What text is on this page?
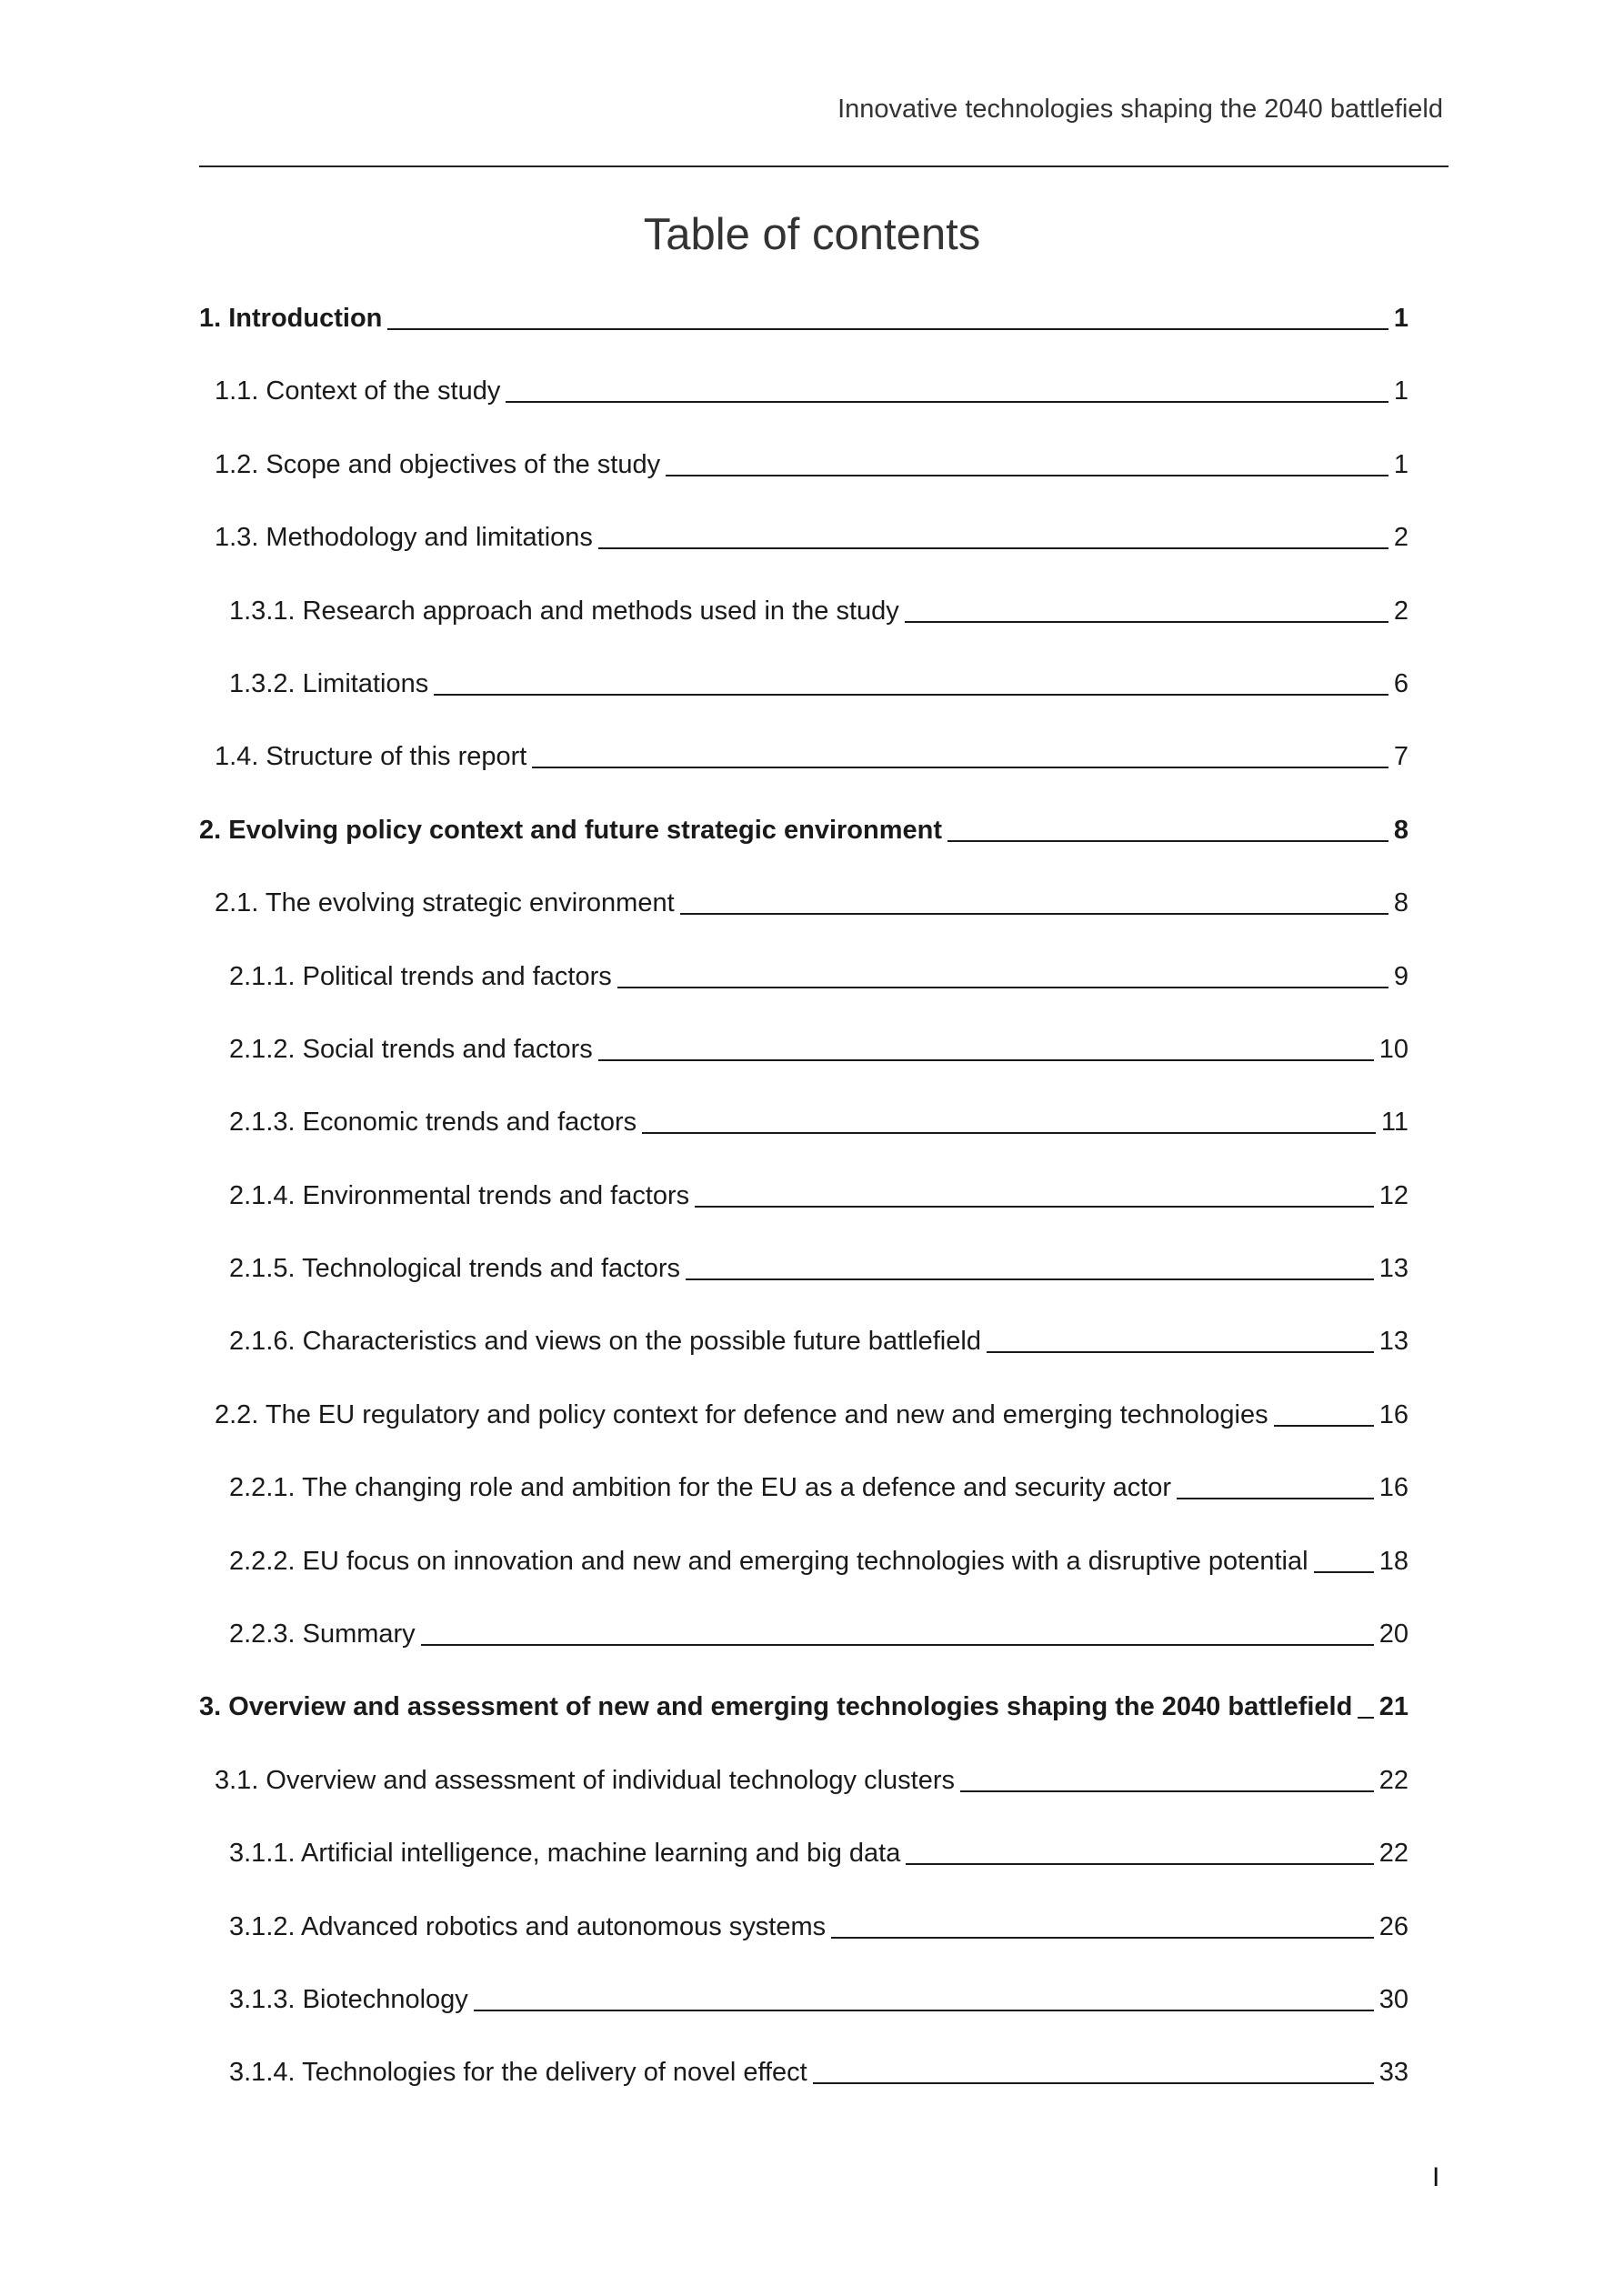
Innovative technologies shaping the 2040 battlefield
Table of contents
1. Introduction	1
1.1. Context of the study	1
1.2. Scope and objectives of the study	1
1.3. Methodology and limitations	2
1.3.1. Research approach and methods used in the study	2
1.3.2. Limitations	6
1.4. Structure of this report	7
2. Evolving policy context and future strategic environment	8
2.1. The evolving strategic environment	8
2.1.1. Political trends and factors	9
2.1.2. Social trends and factors	10
2.1.3. Economic trends and factors	11
2.1.4. Environmental trends and factors	12
2.1.5. Technological trends and factors	13
2.1.6. Characteristics and views on the possible future battlefield	13
2.2. The EU regulatory and policy context for defence and new and emerging technologies	16
2.2.1. The changing role and ambition for the EU as a defence and security actor	16
2.2.2. EU focus on innovation and new and emerging technologies with a disruptive potential	18
2.2.3. Summary	20
3. Overview and assessment of new and emerging technologies shaping the 2040 battlefield 21
3.1. Overview and assessment of individual technology clusters	22
3.1.1. Artificial intelligence, machine learning and big data	22
3.1.2. Advanced robotics and autonomous systems	26
3.1.3. Biotechnology	30
3.1.4. Technologies for the delivery of novel effect	33
I
